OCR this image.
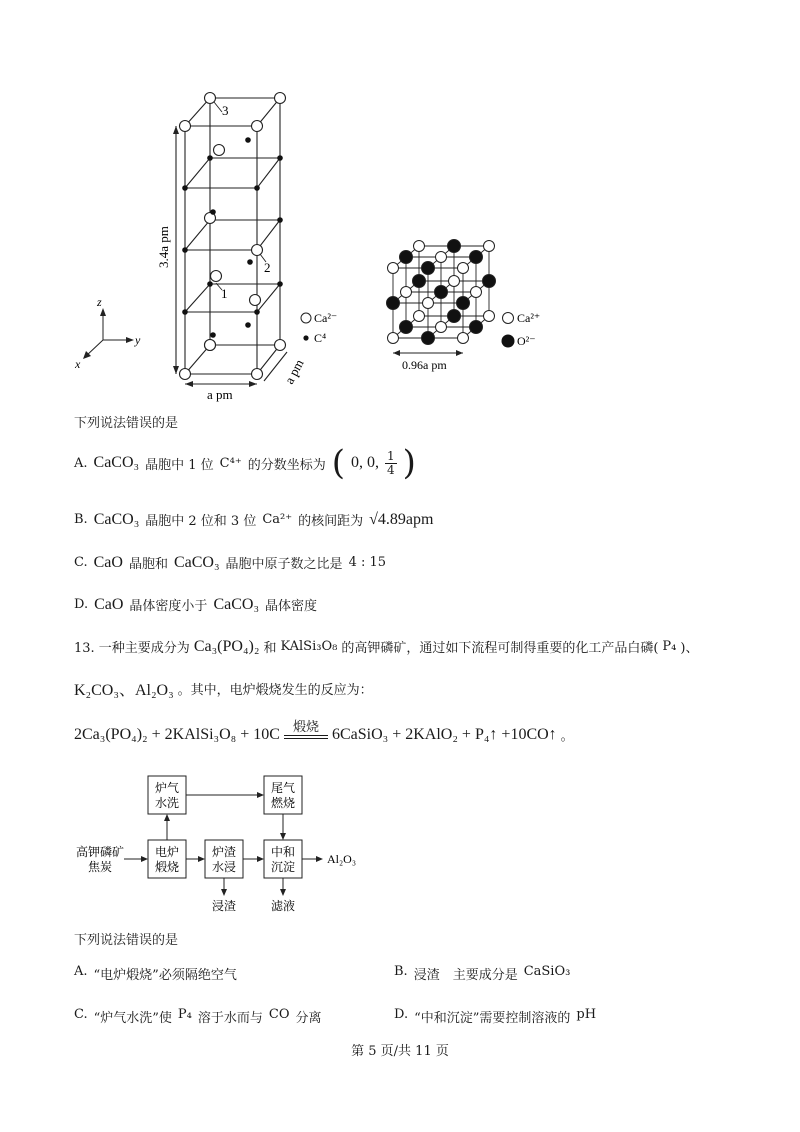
3
2
1
3.4a pm
a pm
a pm
z
y
x
Ca²⁻
C⁴
0.96a pm
Ca²⁺
O²⁻
下列说法错误的是
A. CaCO₃ 晶胞中 1 位 C⁴⁺ 的分数坐标为 ( 0, 0, $\frac{1}{4}$ )
B. CaCO₃ 晶胞中 2 位和 3 位 Ca²⁺ 的核间距为 √4.89apm
C. CaO 晶胞和 CaCO₃ 晶胞中原子数之比是 4 : 15
D. CaO 晶体密度小于 CaCO₃ 晶体密度
13. 一种主要成分为 Ca₃(PO₄)₂ 和 KAlSi₃O₈ 的高钾磷矿，通过如下流程可制得重要的化工产品白磷( P₄ )、
K₂CO₃、Al₂O₃ 。其中，电炉煅烧发生的反应为：
2Ca₃(PO₄)₂ + 2KAlSi₃O₈ + 10C 煅烧 6CaSiO₃ + 2KAlO₂ + P₄↑ +10CO↑ 。
炉气
水洗
尾气
燃烧
电炉
煅烧
炉渣
水浸
中和
沉淀
高钾磷矿
焦炭
浸渣	滤液
Al₂O₃
下列说法错误的是
A. “电炉煅烧”必须隔绝空气	B. 浸渣　主要成分是 CaSiO₃
C. “炉气水洗”使 P₄ 溶于水而与 CO 分离	D. “中和沉淀”需要控制溶液的 pH
第 5 页/共 11 页
